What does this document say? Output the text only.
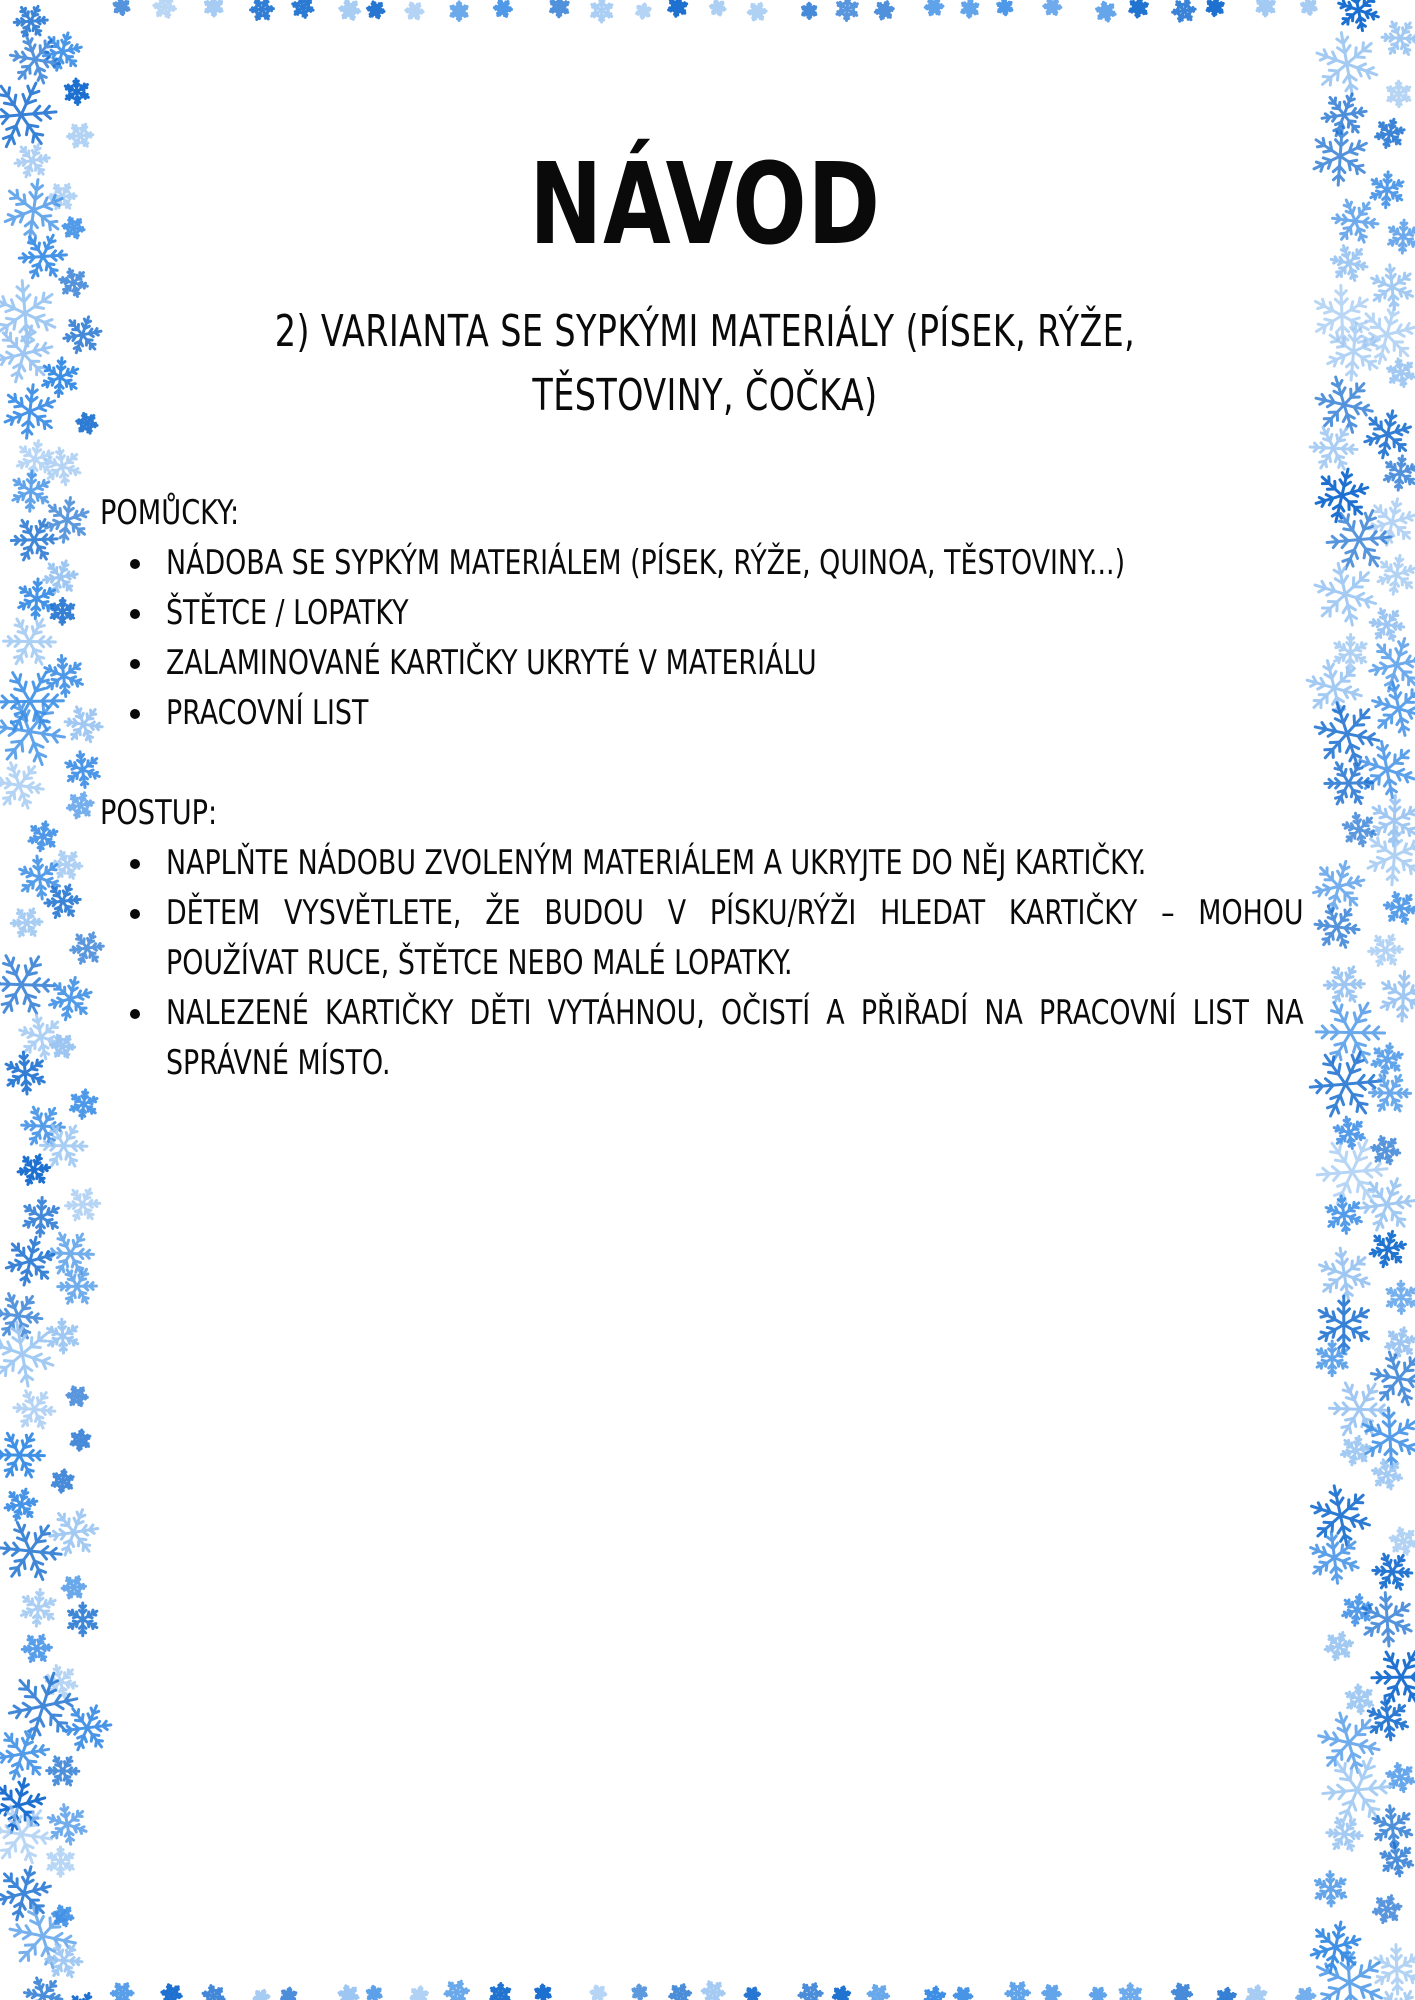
NÁVOD
2) VARIANTA SE SYPKÝMI MATERIÁLY (PÍSEK, RÝŽE, TĚSTOVINY, ČOČKA)
POMŮCKY:
NÁDOBA SE SYPKÝM MATERIÁLEM (PÍSEK, RÝŽE, QUINOA, TĚSTOVINY...)
ŠTĚTCE / LOPATKY
ZALAMINOVANÉ KARTIČKY UKRYTÉ V MATERIÁLU
PRACOVNÍ LIST
POSTUP:
NAPLŇTE NÁDOBU ZVOLENÝM MATERIÁLEM A UKRYJTE DO NĚJ KARTIČKY.
DĚTEM VYSVĚTLETE, ŽE BUDOU V PÍSKU/RÝŽI HLEDAT KARTIČKY – MOHOU POUŽÍVAT RUCE, ŠTĚTCE NEBO MALÉ LOPATKY.
NALEZENÉ KARTIČKY DĚTI VYTÁHNOU, OČISTÍ A PŘIŘADÍ NA PRACOVNÍ LIST NA SPRÁVNÉ MÍSTO.
